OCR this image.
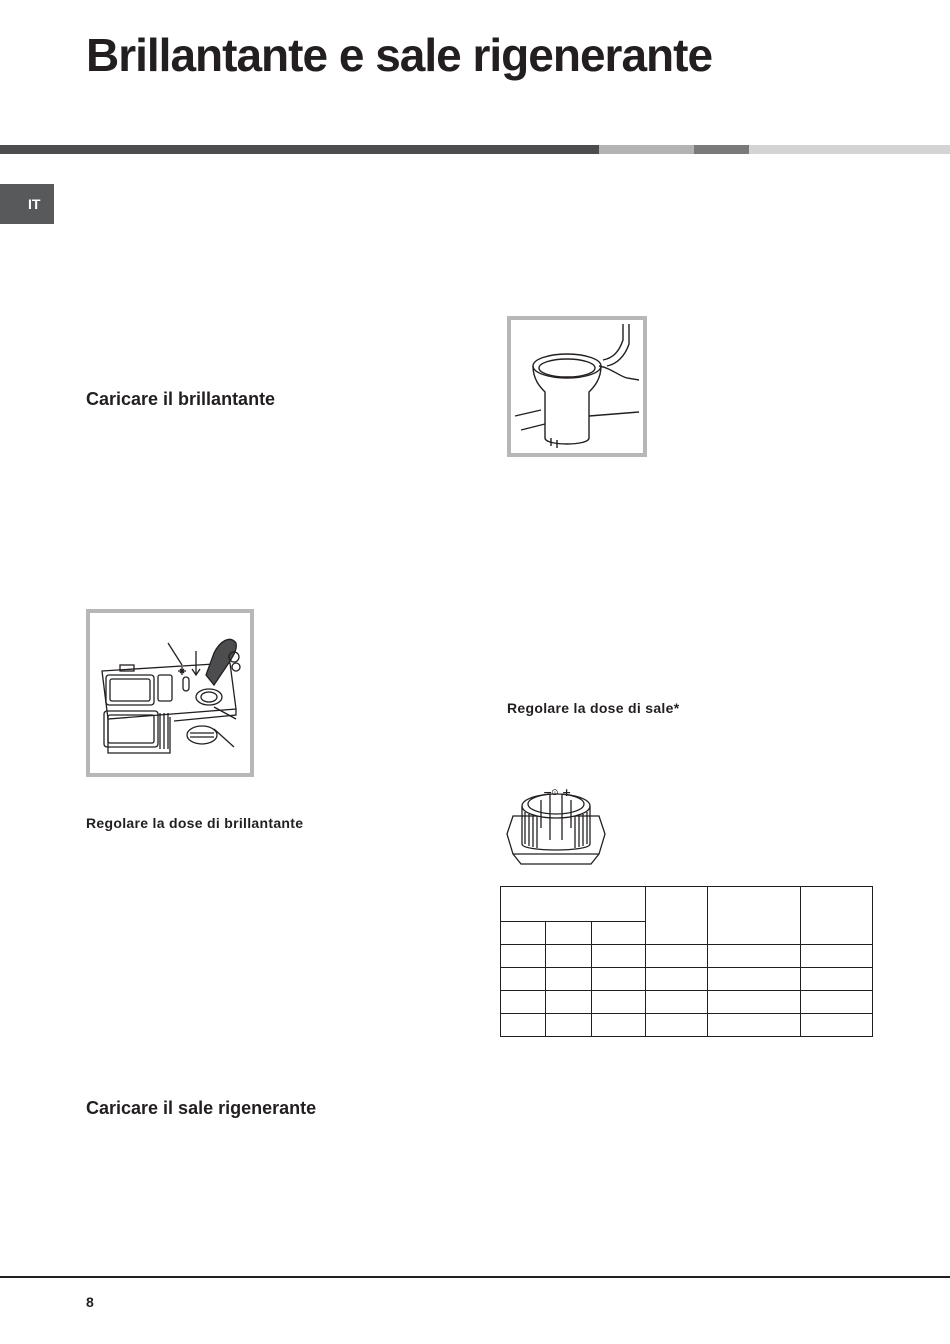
Brillantante e sale rigenerante
IT
Caricare il brillantante

Regolare la dose di brillantante

Caricare il sale rigenerante

Regolare la dose di sale*

−
⊙ +

8
